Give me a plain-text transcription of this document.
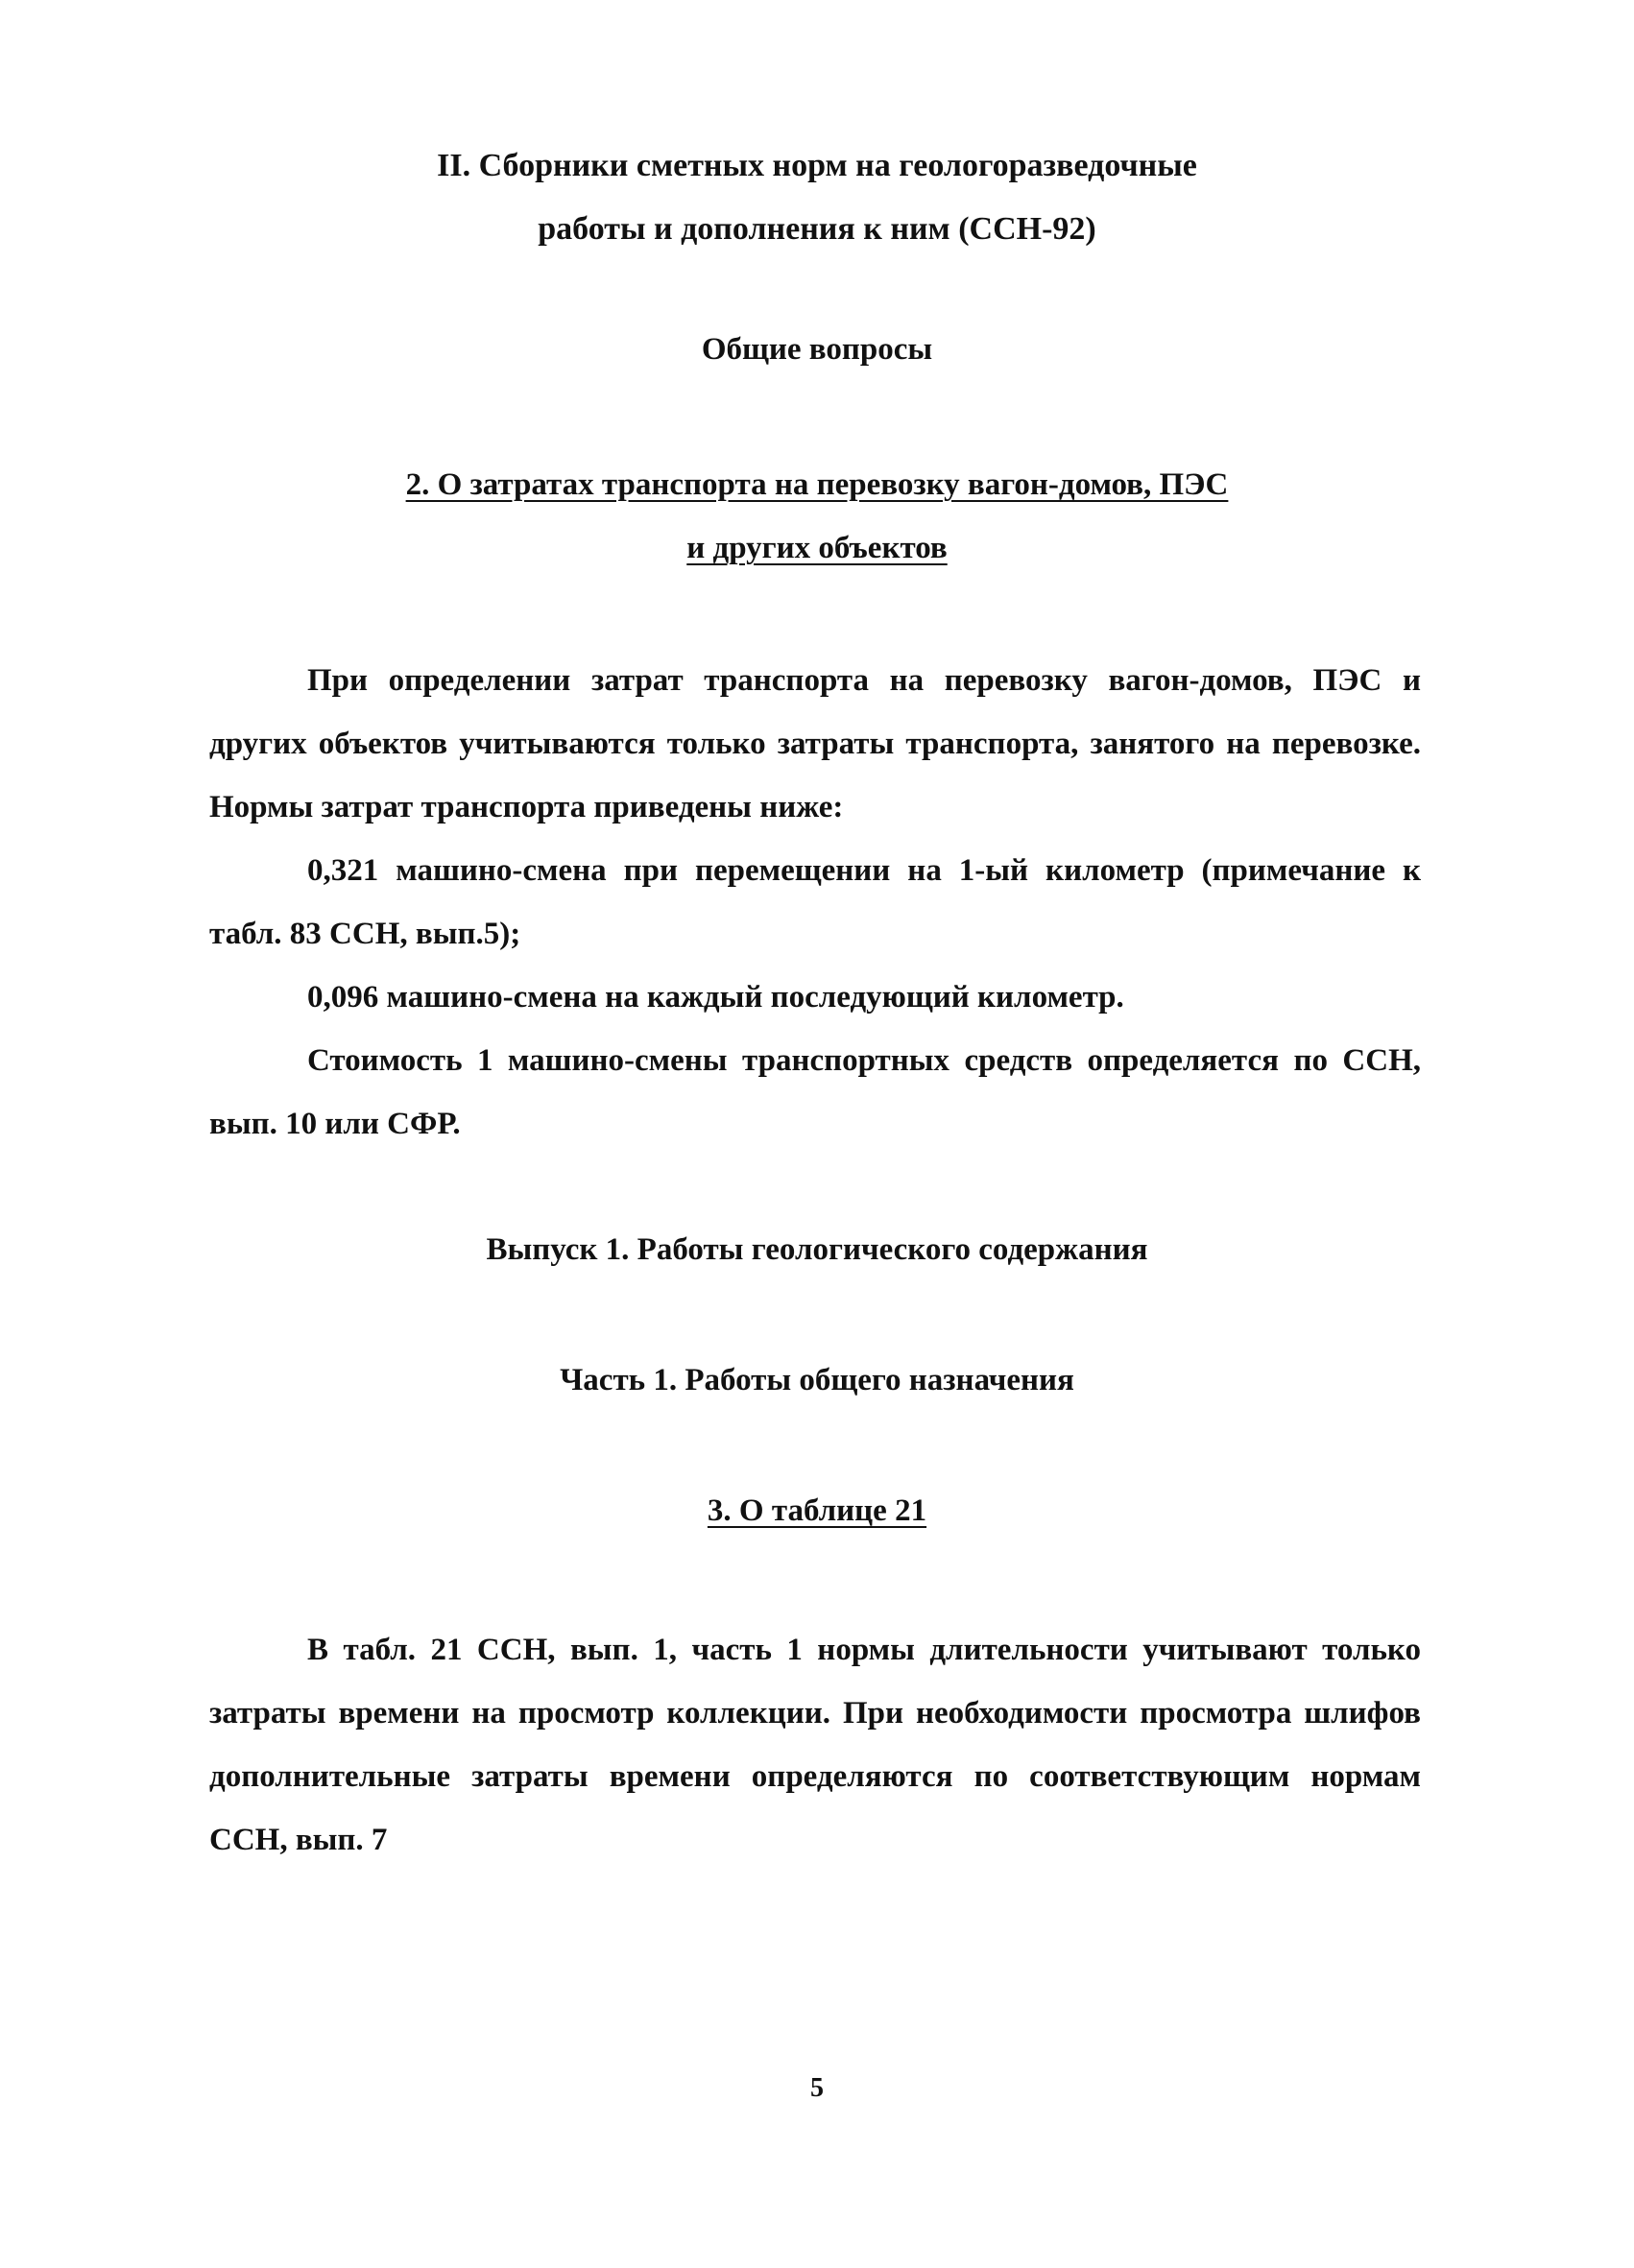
II. Сборники сметных норм на геологоразведочные
работы и дополнения к ним (ССН-92)
Общие вопросы
2. О затратах транспорта на перевозку вагон-домов, ПЭС
и других объектов

При определении затрат транспорта на перевозку вагон-домов, ПЭС и других объектов учитываются только затраты транспорта, занятого на перевозке. Нормы затрат транспорта приведены ниже:

0,321 машино-смена при перемещении на 1-ый километр (примечание к табл. 83 ССН, вып.5);

0,096 машино-смена на каждый последующий километр.

Стоимость 1 машино-смены транспортных средств определяется по ССН, вып. 10 или СФР.

Выпуск 1. Работы геологического содержания
Часть 1. Работы общего назначения
3. О таблице 21

В табл. 21 ССН, вып. 1, часть 1 нормы длительности учитывают только затраты времени на просмотр коллекции. При необходимости просмотра шлифов дополнительные затраты времени определяются по соответствующим нормам ССН, вып. 7

5
